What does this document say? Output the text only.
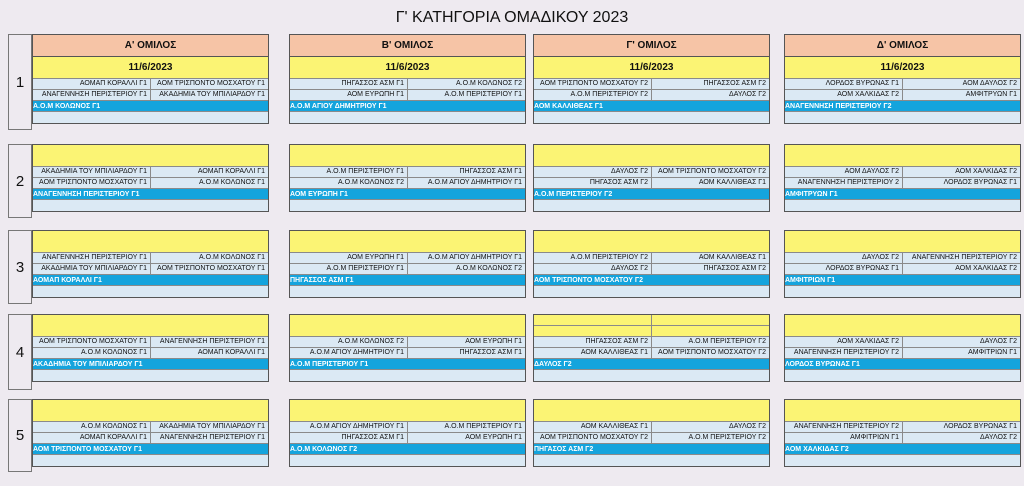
Γ' ΚΑΤΗΓΟΡΙΑ ΟΜΑΔΙΚΟΥ 2023
1
Α' ΟΜΙΛΟΣ
11/6/2023
ΑΟΜΑΠ ΚΟΡΑΛΛΙ Γ1	ΑΟΜ ΤΡΙΣΠΟΝΤΟ ΜΟΣΧΑΤΟΥ Γ1
ΑΝΑΓΕΝΝΗΣΗ ΠΕΡΙΣΤΕΡΙΟΥ Γ1	ΑΚΑΔΗΜΙΑ ΤΟΥ ΜΠΙΛΙΑΡΔΟΥ Γ1
Α.Ο.Μ ΚΟΛΩΝΟΣ Γ1
Β' ΟΜΙΛΟΣ
11/6/2023
ΠΗΓΑΣΣΟΣ ΑΣΜ Γ1	Α.Ο.Μ ΚΟΛΩΝΟΣ Γ2
ΑΟΜ ΕΥΡΩΠΗ Γ1	Α.Ο.Μ ΠΕΡΙΣΤΕΡΙΟΥ Γ1
Α.Ο.Μ ΑΓΙΟΥ ΔΗΜΗΤΡΙΟΥ Γ1
Γ' ΟΜΙΛΟΣ
11/6/2023
ΑΟΜ ΤΡΙΣΠΟΝΤΟ ΜΟΣΧΑΤΟΥ Γ2	ΠΗΓΑΣΣΟΣ ΑΣΜ Γ2
Α.Ο.Μ ΠΕΡΙΣΤΕΡΙΟΥ Γ2	ΔΑΥΛΟΣ Γ2
ΑΟΜ ΚΑΛΛΙΘΕΑΣ Γ1
Δ' ΟΜΙΛΟΣ
11/6/2023
ΛΟΡΔΟΣ ΒΥΡΩΝΑΣ Γ1	ΑΟΜ ΔΑΥΛΟΣ Γ2
ΑΟΜ ΧΑΛΚΙΔΑΣ Γ2	ΑΜΦΙΤΡΥΩΝ Γ1
ΑΝΑΓΕΝΝΗΣΗ ΠΕΡΙΣΤΕΡΙΟΥ Γ2
2
ΑΚΑΔΗΜΙΑ ΤΟΥ ΜΠΙΛΙΑΡΔΟΥ Γ1	ΑΟΜΑΠ ΚΟΡΑΛΛΙ Γ1
ΑΟΜ ΤΡΙΣΠΟΝΤΟ ΜΟΣΧΑΤΟΥ Γ1	Α.Ο.Μ ΚΟΛΩΝΟΣ Γ1
ΑΝΑΓΕΝΝΗΣΗ ΠΕΡΙΣΤΕΡΙΟΥ Γ1
Α.Ο.Μ ΠΕΡΙΣΤΕΡΙΟΥ Γ1	ΠΗΓΑΣΣΟΣ ΑΣΜ Γ1
Α.Ο.Μ ΚΟΛΩΝΟΣ Γ2	Α.Ο.Μ ΑΓΙΟΥ ΔΗΜΗΤΡΙΟΥ Γ1
ΑΟΜ ΕΥΡΩΠΗ Γ1
ΔΑΥΛΟΣ Γ2	ΑΟΜ ΤΡΙΣΠΟΝΤΟ ΜΟΣΧΑΤΟΥ Γ2
ΠΗΓΑΣΟΣ ΑΣΜ Γ2	ΑΟΜ ΚΑΛΛΙΘΕΑΣ Γ1
Α.Ο.Μ ΠΕΡΙΣΤΕΡΙΟΥ Γ2
ΑΟΜ ΔΑΥΛΟΣ Γ2	ΑΟΜ ΧΑΛΚΙΔΑΣ Γ2
ΑΝΑΓΕΝΝΗΣΗ ΠΕΡΙΣΤΕΡΙΟΥ 2	ΛΟΡΔΟΣ ΒΥΡΩΝΑΣ Γ1
ΑΜΦΙΤΡΥΩΝ Γ1
3
ΑΝΑΓΕΝΝΗΣΗ ΠΕΡΙΣΤΕΡΙΟΥ Γ1	Α.Ο.Μ ΚΟΛΩΝΟΣ Γ1
ΑΚΑΔΗΜΙΑ ΤΟΥ ΜΠΙΛΙΑΡΔΟΥ Γ1	ΑΟΜ ΤΡΙΣΠΟΝΤΟ ΜΟΣΧΑΤΟΥ Γ1
ΑΟΜΑΠ ΚΟΡΑΛΛΙ Γ1
ΑΟΜ ΕΥΡΩΠΗ Γ1	Α.Ο.Μ ΑΓΙΟΥ ΔΗΜΗΤΡΙΟΥ Γ1
Α.Ο.Μ ΠΕΡΙΣΤΕΡΙΟΥ Γ1	Α.Ο.Μ ΚΟΛΩΝΟΣ Γ2
ΠΗΓΑΣΣΟΣ ΑΣΜ Γ1
Α.Ο.Μ ΠΕΡΙΣΤΕΡΙΟΥ Γ2	ΑΟΜ ΚΑΛΛΙΘΕΑΣ Γ1
ΔΑΥΛΟΣ Γ2	ΠΗΓΑΣΣΟΣ ΑΣΜ Γ2
ΑΟΜ ΤΡΙΣΠΟΝΤΟ ΜΟΣΧΑΤΟΥ Γ2
ΔΑΥΛΟΣ Γ2	ΑΝΑΓΕΝΝΗΣΗ ΠΕΡΙΣΤΕΡΙΟΥ Γ2
ΛΟΡΔΟΣ ΒΥΡΩΝΑΣ Γ1	ΑΟΜ ΧΑΛΚΙΔΑΣ Γ2
ΑΜΦΙΤΡΙΩΝ Γ1
4
ΑΟΜ ΤΡΙΣΠΟΝΤΟ ΜΟΣΧΑΤΟΥ Γ1	ΑΝΑΓΕΝΝΗΣΗ ΠΕΡΙΣΤΕΡΙΟΥ Γ1
Α.Ο.Μ ΚΟΛΩΝΟΣ Γ1	ΑΟΜΑΠ ΚΟΡΑΛΛΙ Γ1
ΑΚΑΔΗΜΙΑ ΤΟΥ ΜΠΙΛΙΑΡΔΟΥ Γ1
Α.Ο.Μ ΚΟΛΩΝΟΣ Γ2	ΑΟΜ ΕΥΡΩΠΗ Γ1
Α.Ο.Μ ΑΓΙΟΥ ΔΗΜΗΤΡΙΟΥ Γ1	ΠΗΓΑΣΣΟΣ ΑΣΜ Γ1
Α.Ο.Μ ΠΕΡΙΣΤΕΡΙΟΥ Γ1
ΠΗΓΑΣΣΟΣ ΑΣΜ Γ2	Α.Ο.Μ ΠΕΡΙΣΤΕΡΙΟΥ Γ2
ΑΟΜ ΚΑΛΛΙΘΕΑΣ Γ1	ΑΟΜ ΤΡΙΣΠΟΝΤΟ ΜΟΣΧΑΤΟΥ Γ2
ΔΑΥΛΟΣ Γ2
ΑΟΜ ΧΑΛΚΙΔΑΣ Γ2	ΔΑΥΛΟΣ Γ2
ΑΝΑΓΕΝΝΗΣΗ ΠΕΡΙΣΤΕΡΙΟΥ Γ2	ΑΜΦΙΤΡΙΩΝ Γ1
ΛΟΡΔΟΣ ΒΥΡΩΝΑΣ Γ1
5
Α.Ο.Μ ΚΟΛΩΝΟΣ Γ1	ΑΚΑΔΗΜΙΑ ΤΟΥ ΜΠΙΛΙΑΡΔΟΥ Γ1
ΑΟΜΑΠ ΚΟΡΑΛΛΙ Γ1	ΑΝΑΓΕΝΝΗΣΗ ΠΕΡΙΣΤΕΡΙΟΥ Γ1
ΑΟΜ ΤΡΙΣΠΟΝΤΟ ΜΟΣΧΑΤΟΥ Γ1
Α.Ο.Μ ΑΓΙΟΥ ΔΗΜΗΤΡΙΟΥ Γ1	Α.Ο.Μ ΠΕΡΙΣΤΕΡΙΟΥ Γ1
ΠΗΓΑΣΣΟΣ ΑΣΜ Γ1	ΑΟΜ ΕΥΡΩΠΗ Γ1
Α.Ο.Μ ΚΟΛΩΝΟΣ Γ2
ΑΟΜ ΚΑΛΛΙΘΕΑΣ Γ1	ΔΑΥΛΟΣ Γ2
ΑΟΜ ΤΡΙΣΠΟΝΤΟ ΜΟΣΧΑΤΟΥ Γ2	Α.Ο.Μ ΠΕΡΙΣΤΕΡΙΟΥ Γ2
ΠΗΓΑΣΟΣ ΑΣΜ Γ2
ΑΝΑΓΕΝΝΗΣΗ ΠΕΡΙΣΤΕΡΙΟΥ Γ2	ΛΟΡΔΟΣ ΒΥΡΩΝΑΣ Γ1
ΑΜΦΙΤΡΙΩΝ Γ1	ΔΑΥΛΟΣ Γ2
ΑΟΜ ΧΑΛΚΙΔΑΣ Γ2
